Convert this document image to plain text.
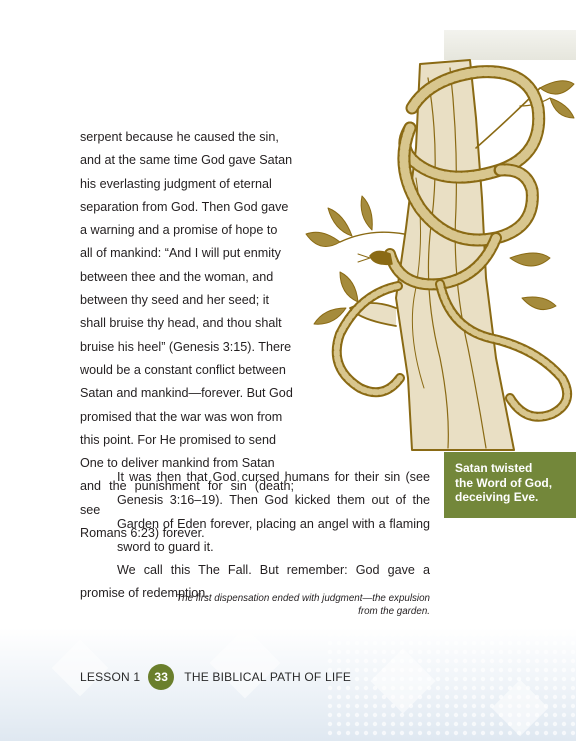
serpent because he caused the sin,

and at the same time God gave Satan

his everlasting judgment of eternal

separation from God. Then God gave

a warning and a promise of hope to

all of mankind: “And I will put enmity

between thee and the woman, and

between thy seed and her seed; it

shall bruise thy head, and thou shalt

bruise his heel” (Genesis 3:15). There

would be a constant conflict between

Satan and mankind—forever. But God

promised that the war was won from

this point. For He promised to send

One to deliver mankind from Satan

and the punishment for sin (death; see

Romans 6:23) forever.

It was then that God cursed humans for their sin (see Genesis 3:16–19). Then God kicked them out of the Garden of Eden forever, placing an angel with a flaming sword to guard it.

We call this The Fall. But remember: God gave a promise of redemption.

Satan twisted
the Word of God,
deceiving Eve.
The first dispensation ended with judgment—the expulsion
from the garden.
LESSON 1	33	THE BIBLICAL PATH OF LIFE
